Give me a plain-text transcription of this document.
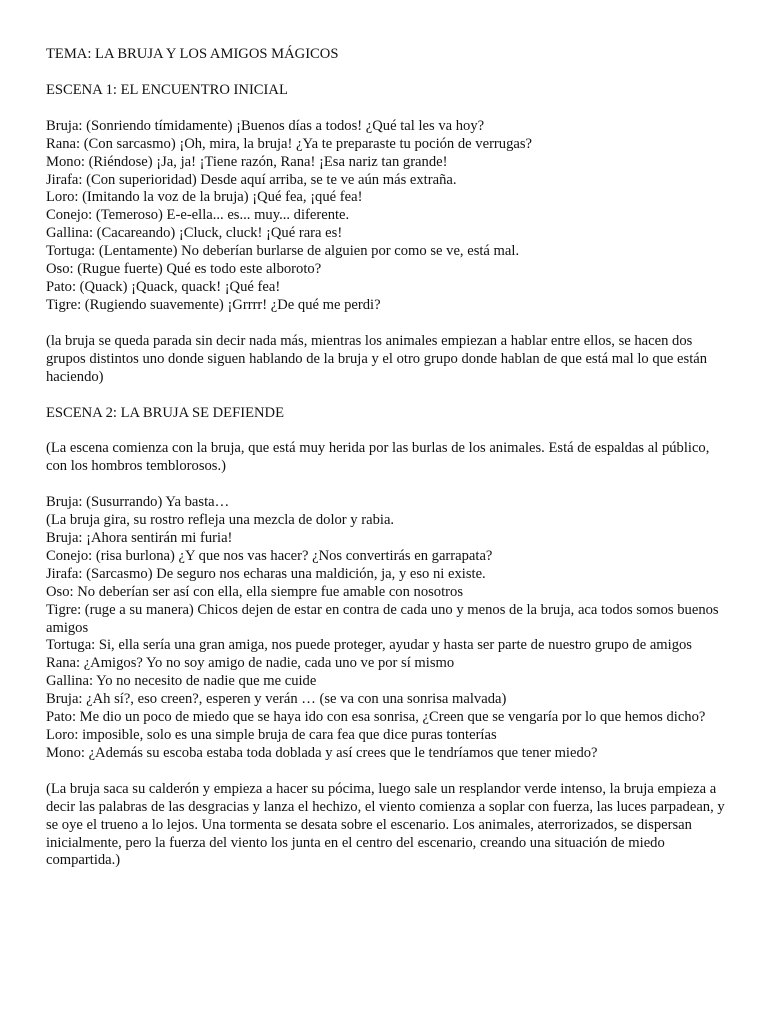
TEMA: LA BRUJA Y LOS AMIGOS MÁGICOS

ESCENA 1: EL ENCUENTRO INICIAL

Bruja: (Sonriendo tímidamente) ¡Buenos días a todos! ¿Qué tal les va hoy?

Rana: (Con sarcasmo) ¡Oh, mira, la bruja! ¿Ya te preparaste tu poción de verrugas?

Mono: (Riéndose) ¡Ja, ja! ¡Tiene razón, Rana! ¡Esa nariz tan grande!

Jirafa: (Con superioridad) Desde aquí arriba, se te ve aún más extraña.

Loro: (Imitando la voz de la bruja) ¡Qué fea, ¡qué fea!

Conejo: (Temeroso) E-e-ella... es... muy... diferente.

Gallina: (Cacareando) ¡Cluck, cluck! ¡Qué rara es!

Tortuga: (Lentamente) No deberían burlarse de alguien por como se ve, está mal.

Oso: (Rugue fuerte) Qué es todo este alboroto?

Pato: (Quack) ¡Quack, quack! ¡Qué fea!

Tigre: (Rugiendo suavemente) ¡Grrrr! ¿De qué me perdi?

(la bruja se queda parada sin decir nada más, mientras los animales empiezan a hablar entre ellos, se hacen dos grupos distintos uno donde siguen hablando de la bruja y el otro grupo donde hablan de que está mal lo que están haciendo)

ESCENA 2: LA BRUJA SE DEFIENDE

(La escena comienza con la bruja, que está muy herida por las burlas de los animales. Está de espaldas al público, con los hombros temblorosos.)

Bruja: (Susurrando) Ya basta…

(La bruja gira, su rostro refleja una mezcla de dolor y rabia.

Bruja: ¡Ahora sentirán mi furia!

Conejo: (risa burlona) ¿Y que nos vas hacer? ¿Nos convertirás en garrapata?

Jirafa: (Sarcasmo) De seguro nos echaras una maldición, ja, y eso ni existe.

Oso: No deberían ser así con ella, ella siempre fue amable con nosotros

Tigre: (ruge a su manera) Chicos dejen de estar en contra de cada uno y menos de la bruja, aca todos somos buenos amigos

Tortuga: Si, ella sería una gran amiga, nos puede proteger, ayudar y hasta ser parte de nuestro grupo de amigos

Rana: ¿Amigos? Yo no soy amigo de nadie, cada uno ve por sí mismo

Gallina: Yo no necesito de nadie que me cuide

Bruja: ¿Ah sí?, eso creen?, esperen y verán … (se va con una sonrisa malvada)

Pato: Me dio un poco de miedo que se haya ido con esa sonrisa, ¿Creen que se vengaría por lo que hemos dicho?

Loro: imposible, solo es una simple bruja de cara fea que dice puras tonterías

Mono: ¿Además su escoba estaba toda doblada y así crees que le tendríamos que tener miedo?

(La bruja saca su calderón y empieza a hacer su pócima, luego sale un resplandor verde intenso, la bruja empieza a decir las palabras de las desgracias y lanza el hechizo, el viento comienza a soplar con fuerza, las luces parpadean, y se oye el trueno a lo lejos. Una tormenta se desata sobre el escenario. Los animales, aterrorizados, se dispersan inicialmente, pero la fuerza del viento los junta en el centro del escenario, creando una situación de miedo compartida.)
